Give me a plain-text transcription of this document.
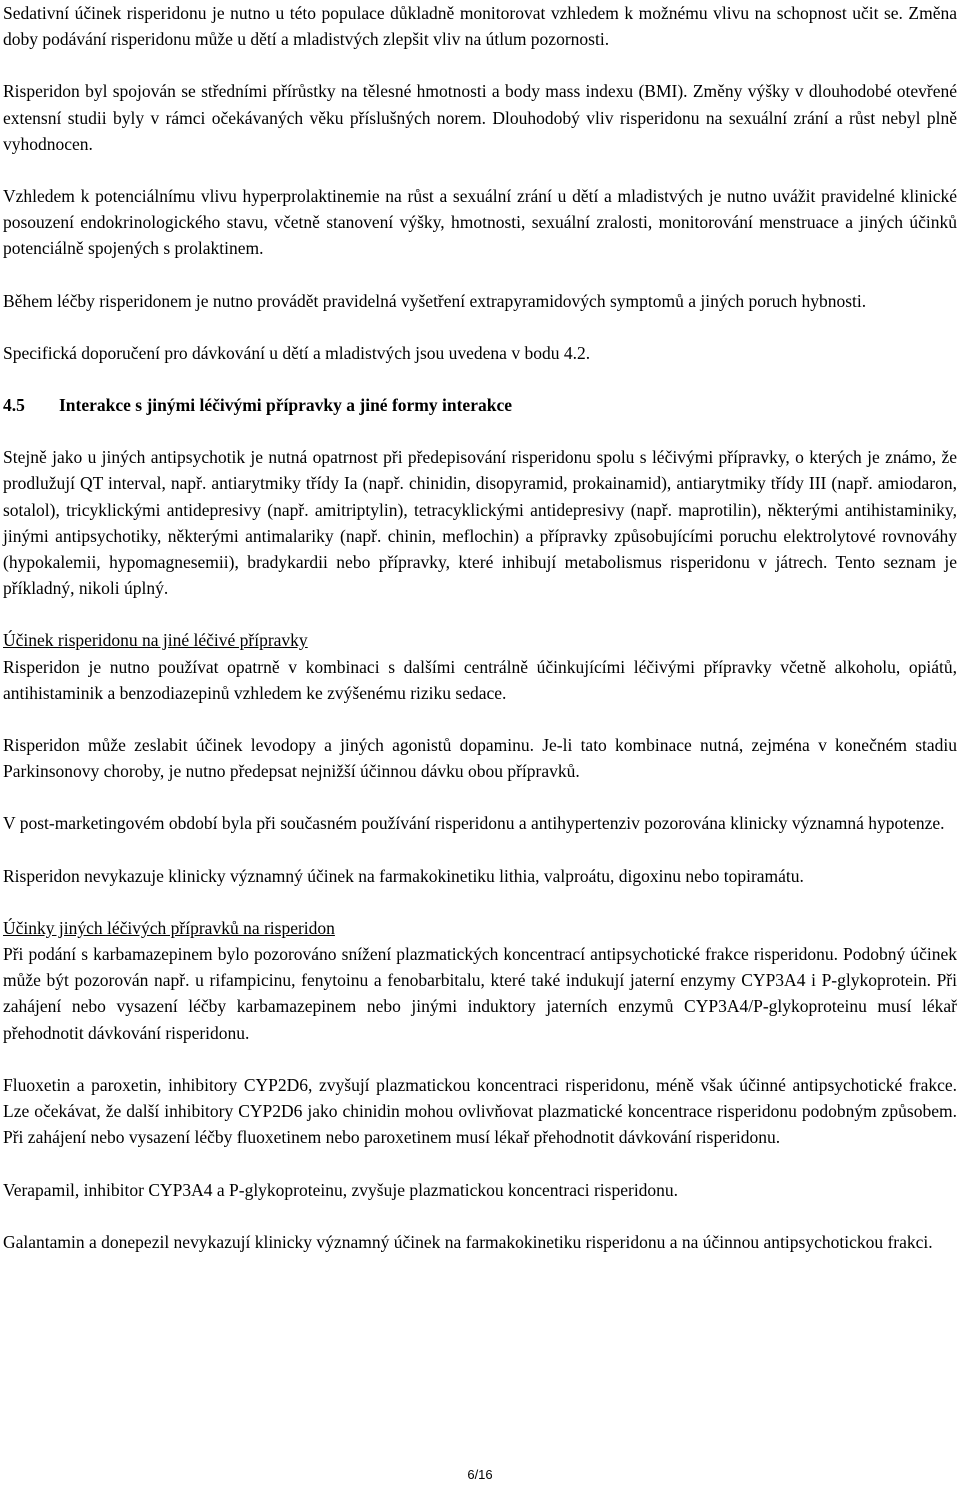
Sedativní účinek risperidonu je nutno u této populace důkladně monitorovat vzhledem k možnému vlivu na schopnost učit se. Změna doby podávání risperidonu může u dětí a mladistvých zlepšit vliv na útlum pozornosti.

Risperidon byl spojován se středními přírůstky na tělesné hmotnosti a body mass indexu (BMI). Změny výšky v dlouhodobé otevřené extensní studii byly v rámci očekávaných věku příslušných norem. Dlouhodobý vliv risperidonu na sexuální zrání a růst nebyl plně vyhodnocen.

Vzhledem k potenciálnímu vlivu hyperprolaktinemie na růst a sexuální zrání u dětí a mladistvých je nutno uvážit pravidelné klinické posouzení endokrinologického stavu, včetně stanovení výšky, hmotnosti, sexuální zralosti, monitorování menstruace a jiných účinků potenciálně spojených s prolaktinem.

Během léčby risperidonem je nutno provádět pravidelná vyšetření extrapyramidových symptomů a jiných poruch hybnosti.

Specifická doporučení pro dávkování u dětí a mladistvých jsou uvedena v bodu 4.2.

4.5 Interakce s jinými léčivými přípravky a jiné formy interakce

Stejně jako u jiných antipsychotik je nutná opatrnost při předepisování risperidonu spolu s léčivými přípravky, o kterých je známo, že prodlužují QT interval, např. antiarytmiky třídy Ia (např. chinidin, disopyramid, prokainamid), antiarytmiky třídy III (např. amiodaron, sotalol), tricyklickými antidepresivy (např. amitriptylin), tetracyklickými antidepresivy (např. maprotilin), některými antihistaminiky, jinými antipsychotiky, některými antimalariky (např. chinin, meflochin) a přípravky způsobujícími poruchu elektrolytové rovnováhy (hypokalemii, hypomagnesemii), bradykardii nebo přípravky, které inhibují metabolismus risperidonu v játrech. Tento seznam je příkladný, nikoli úplný.

Účinek risperidonu na jiné léčivé přípravky

Risperidon je nutno používat opatrně v kombinaci s dalšími centrálně účinkujícími léčivými přípravky včetně alkoholu, opiátů, antihistaminik a benzodiazepinů vzhledem ke zvýšenému riziku sedace.

Risperidon může zeslabit účinek levodopy a jiných agonistů dopaminu. Je-li tato kombinace nutná, zejména v konečném stadiu Parkinsonovy choroby, je nutno předepsat nejnižší účinnou dávku obou přípravků.

V post-marketingovém období byla při současném používání risperidonu a antihypertenziv pozorována klinicky významná hypotenze.

Risperidon nevykazuje klinicky významný účinek na farmakokinetiku lithia, valproátu, digoxinu nebo topiramátu.

Účinky jiných léčivých přípravků na risperidon

Při podání s karbamazepinem bylo pozorováno snížení plazmatických koncentrací antipsychotické frakce risperidonu. Podobný účinek může být pozorován např. u rifampicinu, fenytoinu a fenobarbitalu, které také indukují jaterní enzymy CYP3A4 i P-glykoprotein. Při zahájení nebo vysazení léčby karbamazepinem nebo jinými induktory jaterních enzymů CYP3A4/P-glykoproteinu musí lékař přehodnotit dávkování risperidonu.

Fluoxetin a paroxetin, inhibitory CYP2D6, zvyšují plazmatickou koncentraci risperidonu, méně však účinné antipsychotické frakce. Lze očekávat, že další inhibitory CYP2D6 jako chinidin mohou ovlivňovat plazmatické koncentrace risperidonu podobným způsobem. Při zahájení nebo vysazení léčby fluoxetinem nebo paroxetinem musí lékař přehodnotit dávkování risperidonu.

Verapamil, inhibitor CYP3A4 a P-glykoproteinu, zvyšuje plazmatickou koncentraci risperidonu.

Galantamin a donepezil nevykazují klinicky významný účinek na farmakokinetiku risperidonu a na účinnou antipsychotickou frakci.

6/16
